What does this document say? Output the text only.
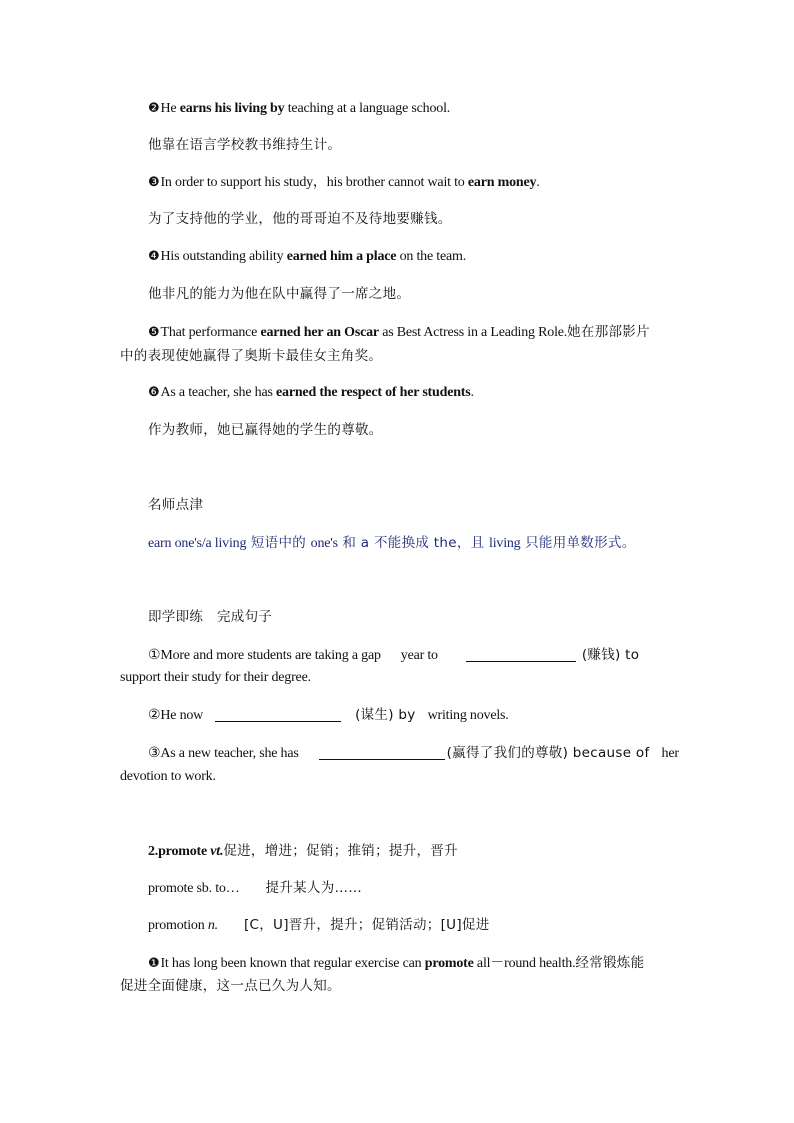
❷He earns his living by teaching at a language school.
他靠在语言学校教书维持生计。
❸In order to support his study，his brother cannot wait to earn money.
为了支持他的学业，他的哥哥迫不及待地要赚钱。
❹His outstanding ability earned him a place on the team.
他非凡的能力为他在队中赢得了一席之地。
❺That performance earned her an Oscar as Best Actress in a Leading Role.她在那部影片
中的表现使她赢得了奥斯卡最佳女主角奖。
❻As a teacher, she has earned the respect of her students.
作为教师，她已赢得她的学生的尊敬。
名师点津
earn one's/a living 短语中的 one's 和 a 不能换成 the，且 living 只能用单数形式。
即学即练　完成句子
①More and more students are taking a gap year to	(赚钱) to
support their study for their degree.
②He now	(谋生) by writing novels.
③As a new teacher, she has	(赢得了我们的尊敬) because of her
devotion to work.
2.promote vt.促进，增进；促销；推销；提升，晋升
promote sb. to… 提升某人为……
promotion n. [C，U]晋升，提升；促销活动；[U]促进
❶It has long been known that regular exercise can promote all－round health.经常锻炼能
促进全面健康，这一点已久为人知。
